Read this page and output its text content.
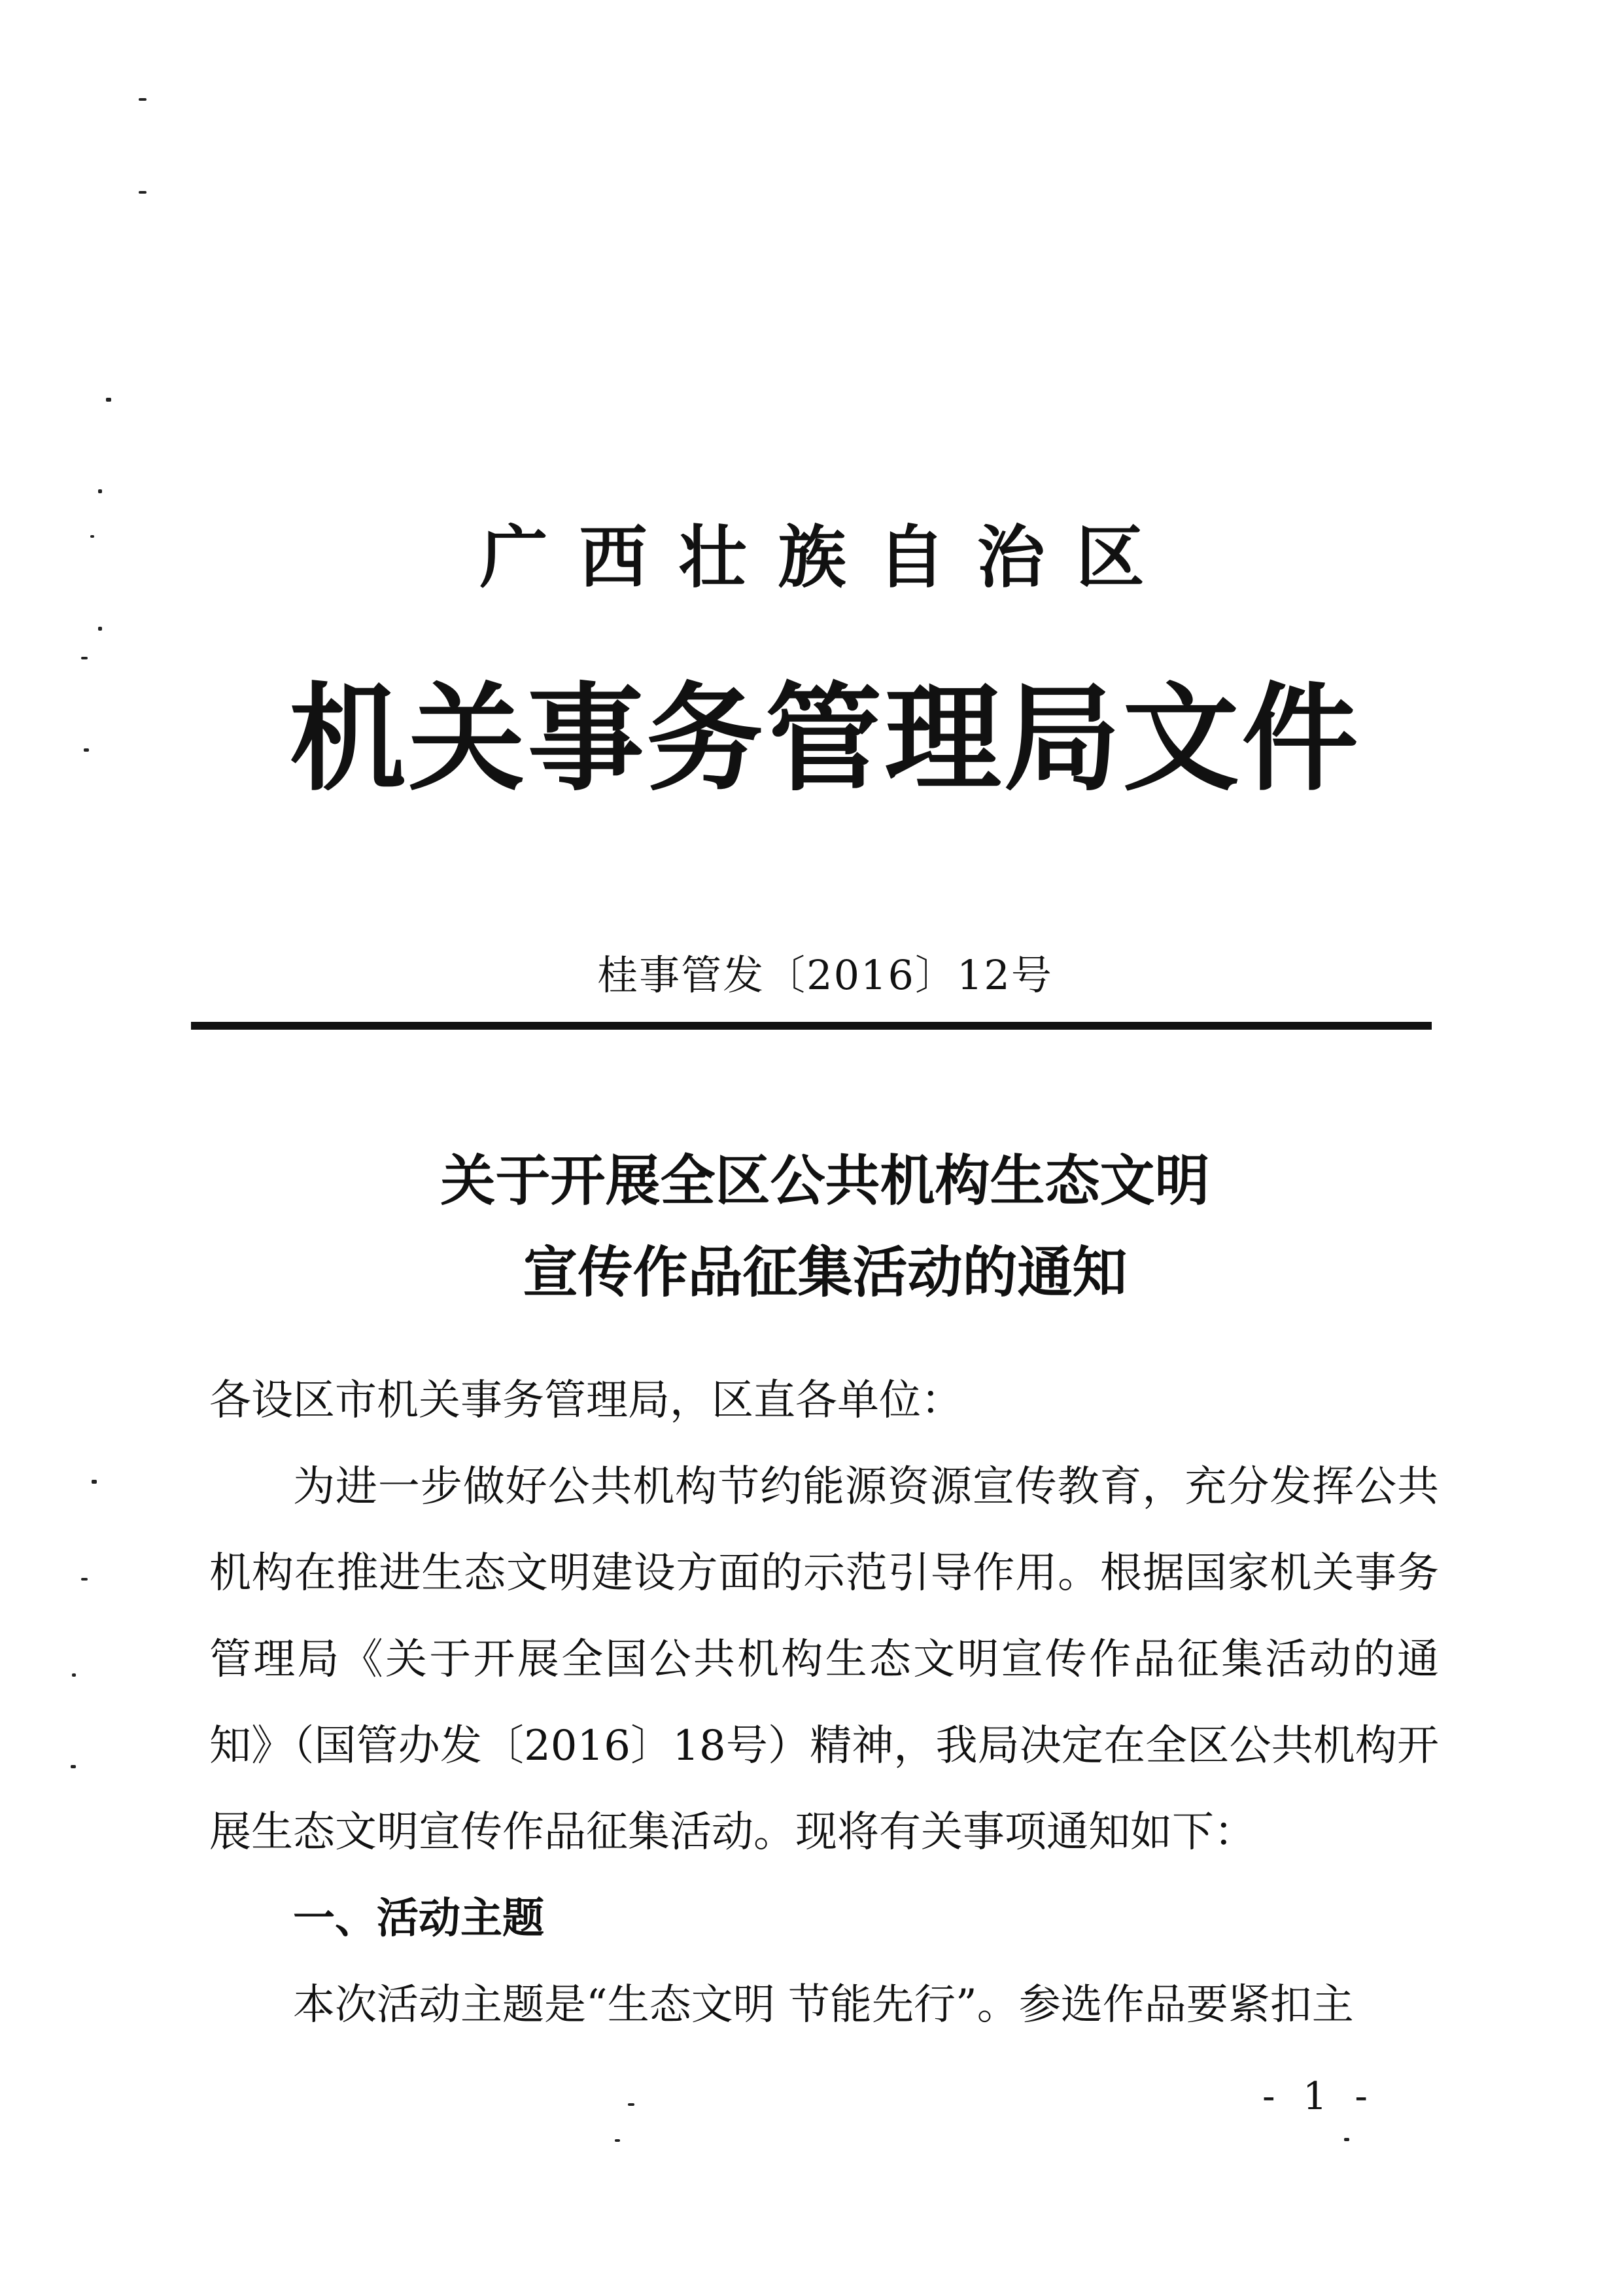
广西壮族自治区
机关事务管理局文件
桂事管发〔2016〕12号
关于开展全区公共机构生态文明
宣传作品征集活动的通知

各设区市机关事务管理局，区直各单位：

为进一步做好公共机构节约能源资源宣传教育，充分发挥公共机构在推进生态文明建设方面的示范引导作用。根据国家机关事务管理局《关于开展全国公共机构生态文明宣传作品征集活动的通知》（国管办发〔2016〕18号）精神，我局决定在全区公共机构开展生态文明宣传作品征集活动。现将有关事项通知如下：

一、活动主题

本次活动主题是“生态文明 节能先行”。参选作品要紧扣主

- 1 -
